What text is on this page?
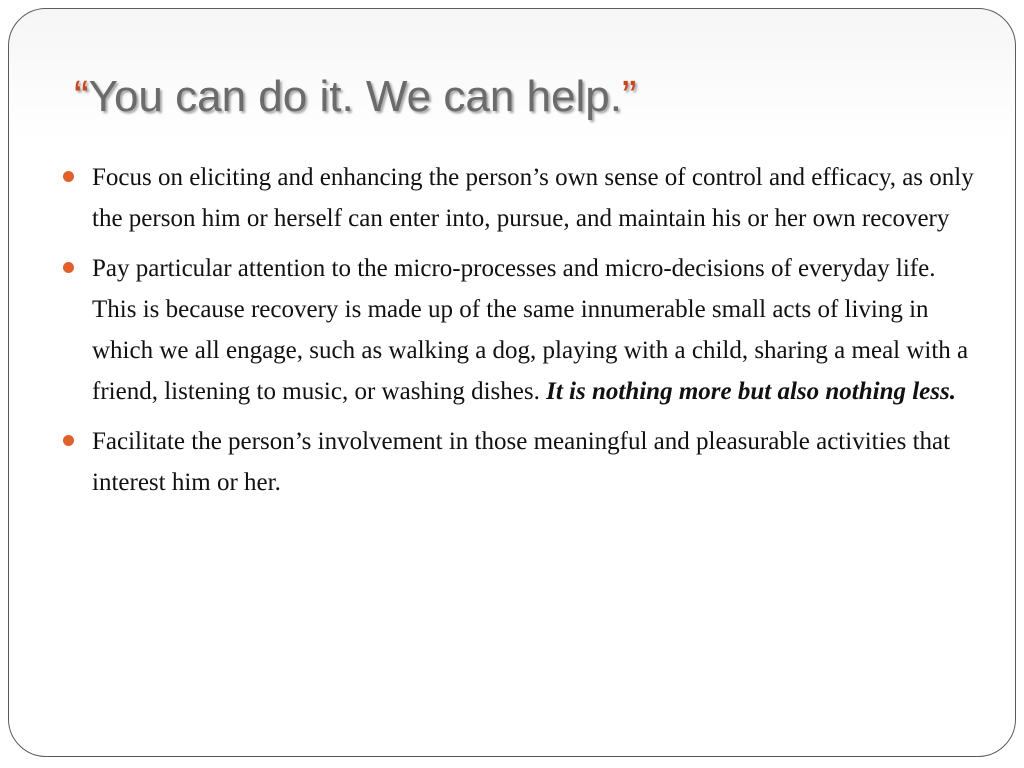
“You can do it. We can help.”
Focus on eliciting and enhancing the person’s own sense of control and efficacy, as only the person him or herself can enter into, pursue, and maintain his or her own recovery
Pay particular attention to the micro-processes and micro-decisions of everyday life. This is because recovery is made up of the same innumerable small acts of living in which we all engage, such as walking a dog, playing with a child, sharing a meal with a friend, listening to music, or washing dishes. It is nothing more but also nothing less.
Facilitate the person’s involvement in those meaningful and pleasurable activities that interest him or her.
